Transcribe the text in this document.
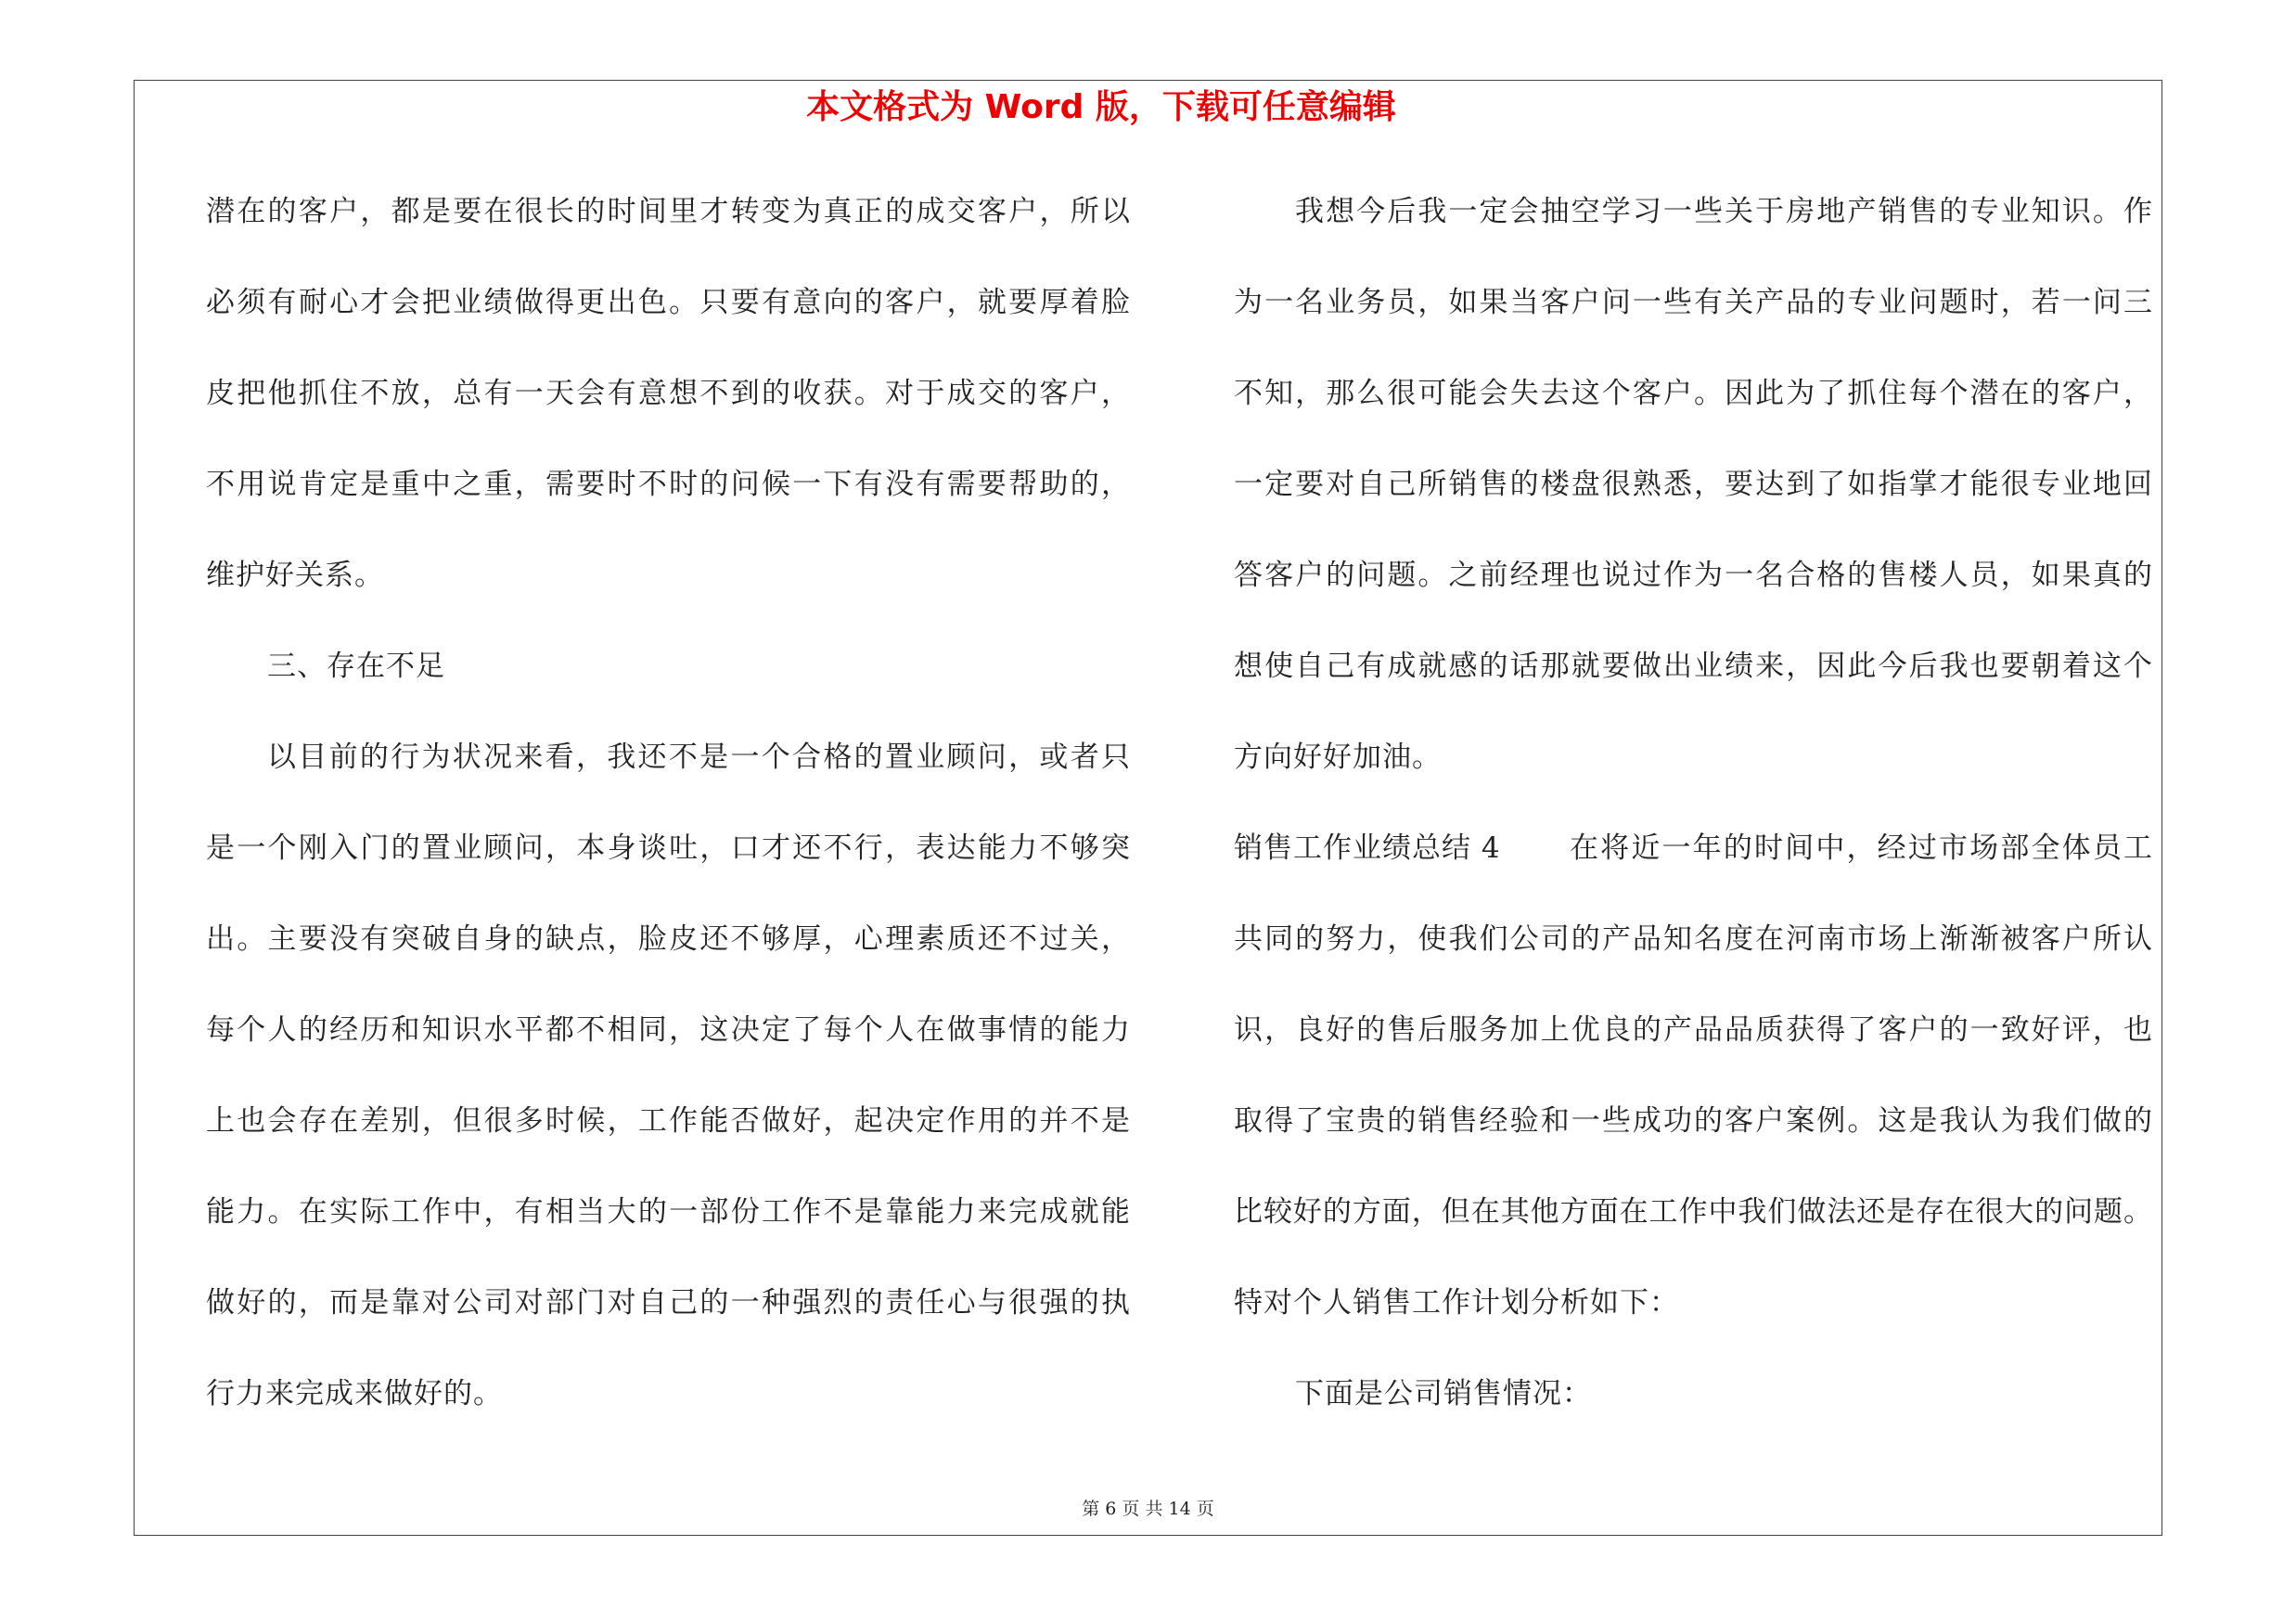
本文格式为 Word 版，下载可任意编辑
潜在的客户，都是要在很长的时间里才转变为真正的成交客户，所以
必须有耐心才会把业绩做得更出色。只要有意向的客户，就要厚着脸
皮把他抓住不放，总有一天会有意想不到的收获。对于成交的客户，
不用说肯定是重中之重，需要时不时的问候一下有没有需要帮助的，
维护好关系。
三、存在不足
以目前的行为状况来看，我还不是一个合格的置业顾问，或者只
是一个刚入门的置业顾问，本身谈吐，口才还不行，表达能力不够突
出。主要没有突破自身的缺点，脸皮还不够厚，心理素质还不过关，
每个人的经历和知识水平都不相同，这决定了每个人在做事情的能力
上也会存在差别，但很多时候，工作能否做好，起决定作用的并不是
能力。在实际工作中，有相当大的一部份工作不是靠能力来完成就能
做好的，而是靠对公司对部门对自己的一种强烈的责任心与很强的执
行力来完成来做好的。
我想今后我一定会抽空学习一些关于房地产销售的专业知识。作
为一名业务员，如果当客户问一些有关产品的专业问题时，若一问三
不知，那么很可能会失去这个客户。因此为了抓住每个潜在的客户，
一定要对自己所销售的楼盘很熟悉，要达到了如指掌才能很专业地回
答客户的问题。之前经理也说过作为一名合格的售楼人员，如果真的
想使自己有成就感的话那就要做出业绩来，因此今后我也要朝着这个
方向好好加油。
销售工作业绩总结 4 在将近一年的时间中，经过市场部全体员工
共同的努力，使我们公司的产品知名度在河南市场上渐渐被客户所认
识，良好的售后服务加上优良的产品品质获得了客户的一致好评，也
取得了宝贵的销售经验和一些成功的客户案例。这是我认为我们做的
比较好的方面，但在其他方面在工作中我们做法还是存在很大的问题。
特对个人销售工作计划分析如下：
下面是公司销售情况：
第 6 页 共 14 页
